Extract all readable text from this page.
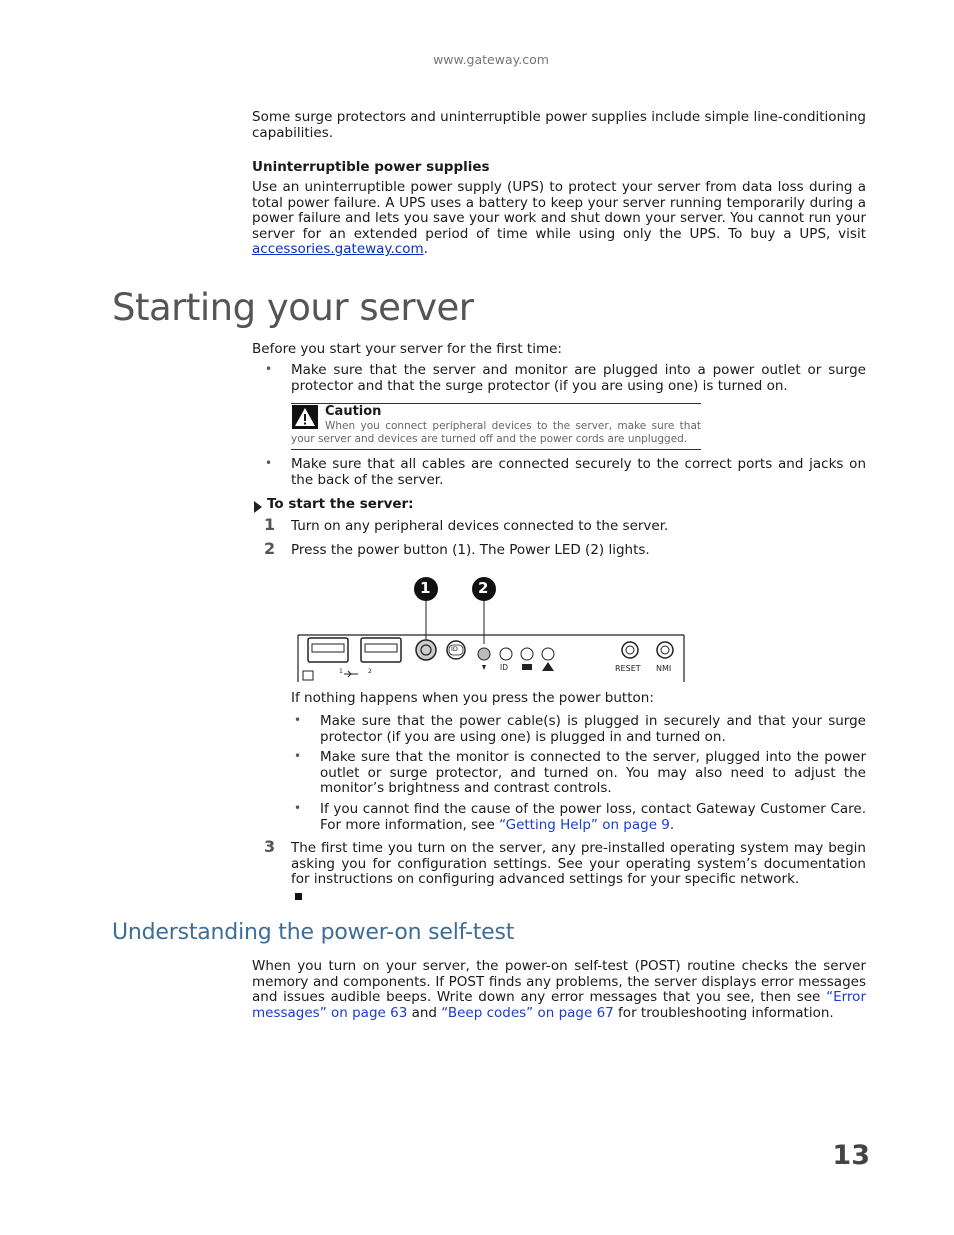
www.gateway.com
Some surge protectors and uninterruptible power supplies include simple line-conditioning capabilities.
Uninterruptible power supplies
Use an uninterruptible power supply (UPS) to protect your server from data loss during a total power failure. A UPS uses a battery to keep your server running temporarily during a power failure and lets you save your work and shut down your server. You cannot run your server for an extended period of time while using only the UPS. To buy a UPS, visit accessories.gateway.com.
Starting your server
Before you start your server for the first time:
• Make sure that the server and monitor are plugged into a power outlet or surge protector and that the surge protector (if you are using one) is turned on.
Caution
When you connect peripheral devices to the server, make sure that your server and devices are turned off and the power cords are unplugged.
• Make sure that all cables are connected securely to the correct ports and jacks on the back of the server.
To start the server:
1 Turn on any peripheral devices connected to the server.
2 Press the power button (1). The Power LED (2) lights.
1	2
ID
ID	RESET NMI
1	2
If nothing happens when you press the power button:
• Make sure that the power cable(s) is plugged in securely and that your surge protector (if you are using one) is plugged in and turned on.
• Make sure that the monitor is connected to the server, plugged into the power outlet or surge protector, and turned on. You may also need to adjust the monitor’s brightness and contrast controls.
• If you cannot find the cause of the power loss, contact Gateway Customer Care. For more information, see “Getting Help” on page 9.
3 The first time you turn on the server, any pre-installed operating system may begin asking you for configuration settings. See your operating system’s documentation for instructions on configuring advanced settings for your specific network.
Understanding the power-on self-test
When you turn on your server, the power-on self-test (POST) routine checks the server memory and components. If POST finds any problems, the server displays error messages and issues audible beeps. Write down any error messages that you see, then see “Error messages” on page 63 and “Beep codes” on page 67 for troubleshooting information.
13
